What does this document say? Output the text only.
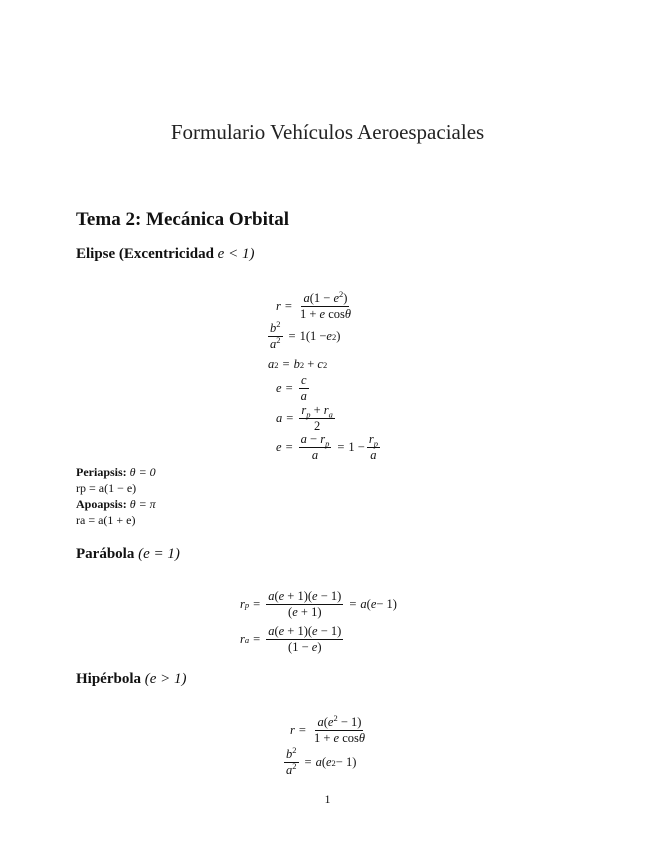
Formulario Vehículos Aeroespaciales
Tema 2: Mecánica Orbital
Elipse (Excentricidad e < 1)
$r = \frac{a(1 - e^2)}{\text{1 + e cosθ}}$
$\frac{b^2}{a^2} = 1(1 - e$ 2 )
a 2 = b 2 + c 2
$e = \frac{c}{a}$
$a = \frac{r_p + r_a}{2}$
$e = \frac{a - r_p}{a} = 1 - \frac{r_p}{a}$
Periapsis: θ = 0
rp = a(1 − e)
Apoapsis: θ = π
ra = a(1 + e)
Parábola (e = 1)
r $p = \frac{a(e + 1)(e - 1)}{(e + 1)} = a$ ( e − 1)
r $a = \frac{a(e + 1)(e - 1)}{(1 - e)}$
Hipérbola (e > 1)
$r = \frac{a(e^2 - 1)}{\text{1 + e cosθ}}$
$\frac{b^2}{a^2} = a$ ( e 2 − 1)
1
